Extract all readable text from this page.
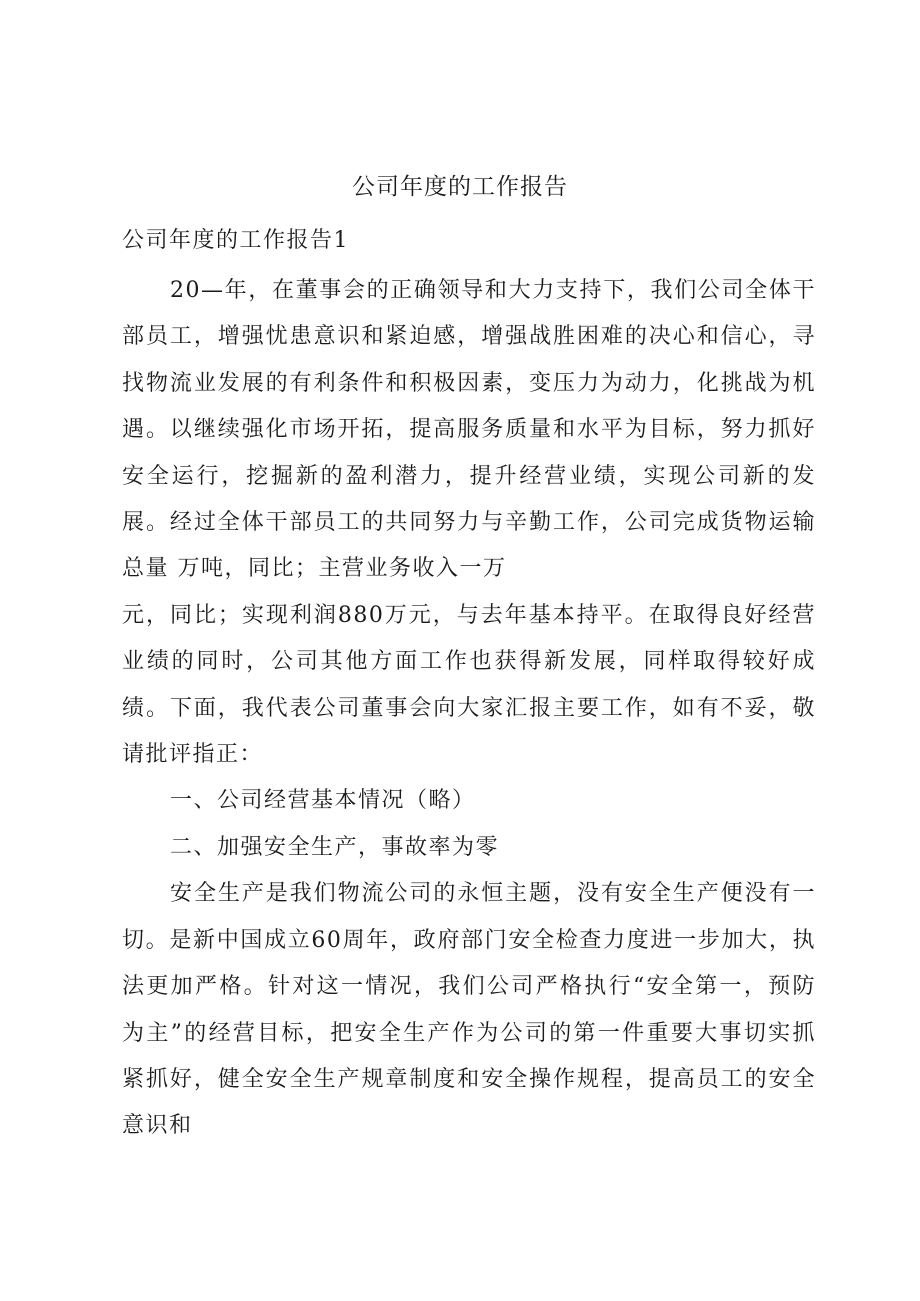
公司年度的工作报告

公司年度的工作报告1

20—年，在董事会的正确领导和大力支持下，我们公司全体干部员工，增强忧患意识和紧迫感，增强战胜困难的决心和信心，寻找物流业发展的有利条件和积极因素，变压力为动力，化挑战为机遇。以继续强化市场开拓，提高服务质量和水平为目标，努力抓好安全运行，挖掘新的盈利潜力，提升经营业绩，实现公司新的发展。经过全体干部员工的共同努力与辛勤工作，公司完成货物运输总量 万吨，同比；主营业务收入一万

元，同比；实现利润880万元，与去年基本持平。在取得良好经营业绩的同时，公司其他方面工作也获得新发展，同样取得较好成绩。下面，我代表公司董事会向大家汇报主要工作，如有不妥，敬请批评指正：

一、公司经营基本情况（略）

二、加强安全生产，事故率为零

安全生产是我们物流公司的永恒主题，没有安全生产便没有一切。是新中国成立60周年，政府部门安全检查力度进一步加大，执法更加严格。针对这一情况，我们公司严格执行“安全第一，预防为主”的经营目标，把安全生产作为公司的第一件重要大事切实抓紧抓好，健全安全生产规章制度和安全操作规程，提高员工的安全意识和
